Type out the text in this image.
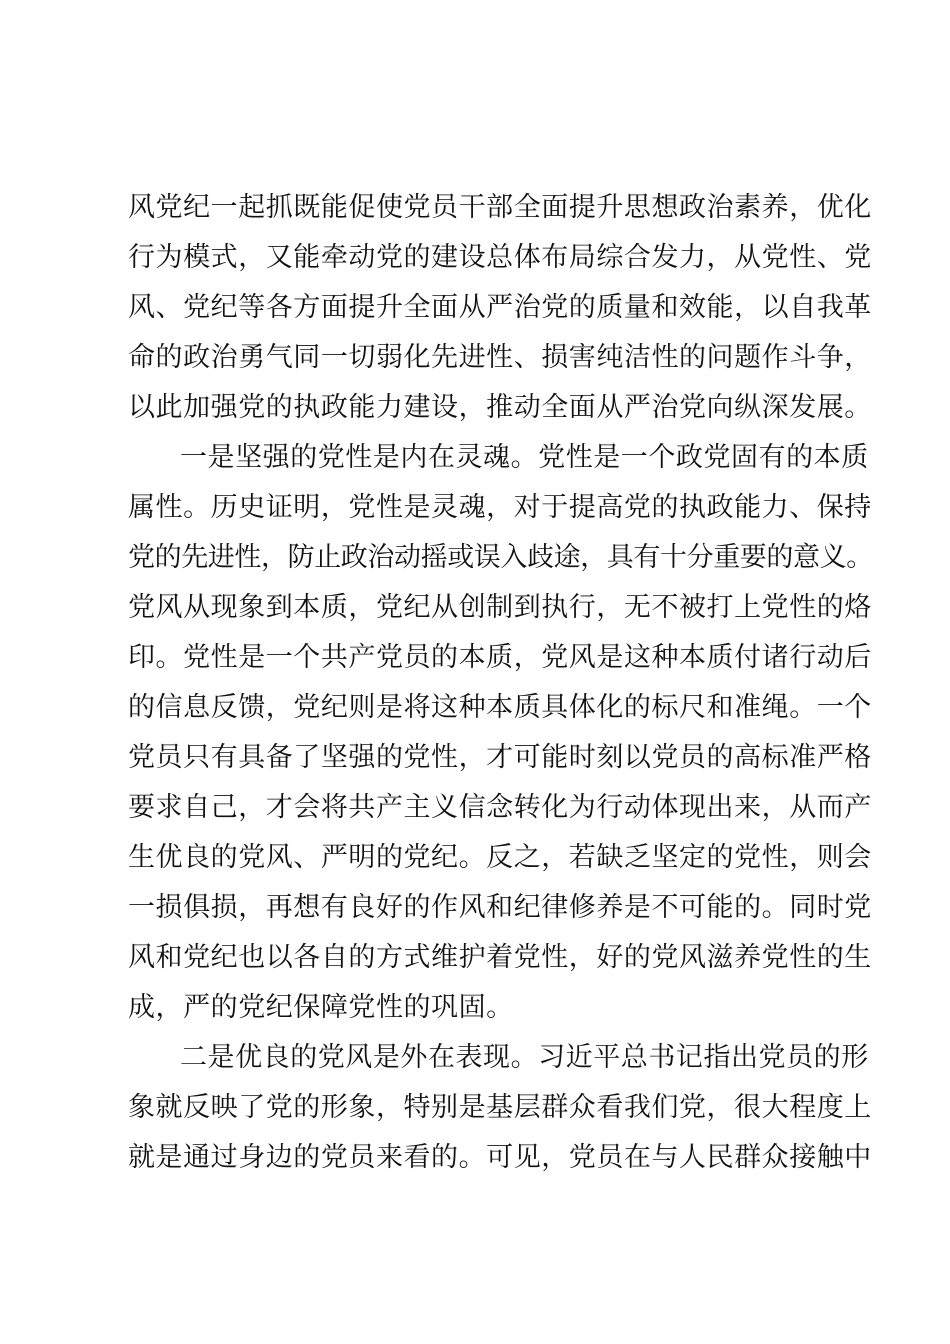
风党纪一起抓既能促使党员干部全面提升思想政治素养，优化
行为模式，又能牵动党的建设总体布局综合发力，从党性、党
风、党纪等各方面提升全面从严治党的质量和效能，以自我革
命的政治勇气同一切弱化先进性、损害纯洁性的问题作斗争，
以此加强党的执政能力建设，推动全面从严治党向纵深发展。
一是坚强的党性是内在灵魂。党性是一个政党固有的本质
属性。历史证明，党性是灵魂，对于提高党的执政能力、保持
党的先进性，防止政治动摇或误入歧途，具有十分重要的意义。
党风从现象到本质，党纪从创制到执行，无不被打上党性的烙
印。党性是一个共产党员的本质，党风是这种本质付诸行动后
的信息反馈，党纪则是将这种本质具体化的标尺和准绳。一个
党员只有具备了坚强的党性，才可能时刻以党员的高标准严格
要求自己，才会将共产主义信念转化为行动体现出来，从而产
生优良的党风、严明的党纪。反之，若缺乏坚定的党性，则会
一损俱损，再想有良好的作风和纪律修养是不可能的。同时党
风和党纪也以各自的方式维护着党性，好的党风滋养党性的生
成，严的党纪保障党性的巩固。
二是优良的党风是外在表现。习近平总书记指出党员的形
象就反映了党的形象，特别是基层群众看我们党，很大程度上
就是通过身边的党员来看的。可见，党员在与人民群众接触中
